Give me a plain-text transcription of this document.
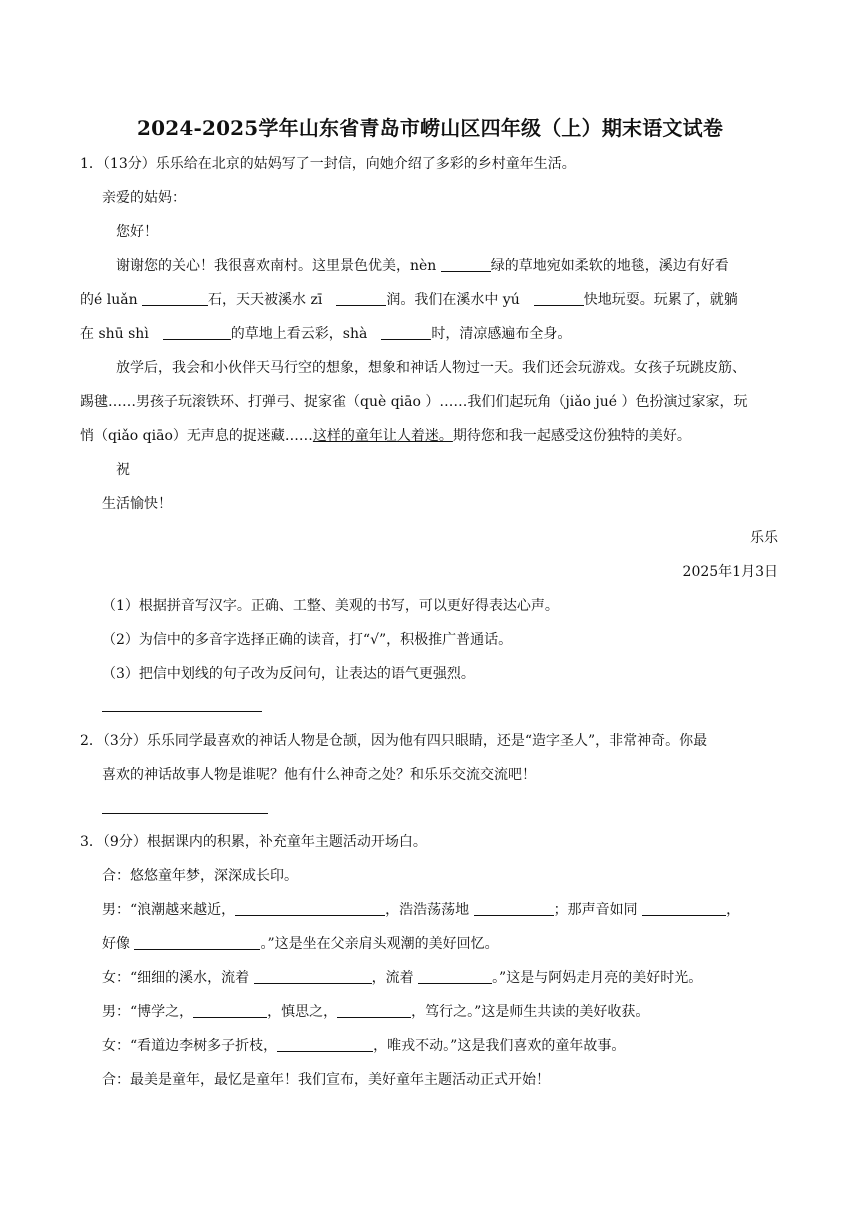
2024-2025学年山东省青岛市崂山区四年级（上）期末语文试卷
1．（13分）乐乐给在北京的姑妈写了一封信，向她介绍了多彩的乡村童年生活。
亲爱的姑妈：
您好！
谢谢您的关心！我很喜欢南村。这里景色优美，nèn	绿的草地宛如柔软的地毯，溪边有好看
的é luǎn	石，天天被溪水 zī　	润。我们在溪水中 yú　	快地玩耍。玩累了，就躺
在 shū shì　	的草地上看云彩，shà　	时，清凉感遍布全身。
放学后，我会和小伙伴天马行空的想象，想象和神话人物过一天。我们还会玩游戏。女孩子玩跳皮筋、
踢毽……男孩子玩滚铁环、打弹弓、捉家雀（què qiāo ）……我们们起玩角（jiǎo jué ）色扮演过家家，玩
悄（qiǎo qiāo）无声息的捉迷藏……这样的童年让人着迷。期待您和我一起感受这份独特的美好。
祝
生活愉快！
乐乐
2025年1月3日
（1）根据拼音写汉字。正确、工整、美观的书写，可以更好得表达心声。
（2）为信中的多音字选择正确的读音，打“√”，积极推广普通话。
（3）把信中划线的句子改为反问句，让表达的语气更强烈。
2．（3分）乐乐同学最喜欢的神话人物是仓颉，因为他有四只眼睛，还是“造字圣人”，非常神奇。你最
喜欢的神话故事人物是谁呢？他有什么神奇之处？和乐乐交流交流吧！
3．（9分）根据课内的积累，补充童年主题活动开场白。
合：悠悠童年梦，深深成长印。
男：“浪潮越来越近，	，浩浩荡荡地	；那声音如同	，
好像	。”这是坐在父亲肩头观潮的美好回忆。
女：“细细的溪水，流着	，流着	。”这是与阿妈走月亮的美好时光。
男：“博学之，	，慎思之，	，笃行之。”这是师生共读的美好收获。
女：“看道边李树多子折枝，	，唯戎不动。”这是我们喜欢的童年故事。
合：最美是童年，最忆是童年！我们宣布，美好童年主题活动正式开始！
